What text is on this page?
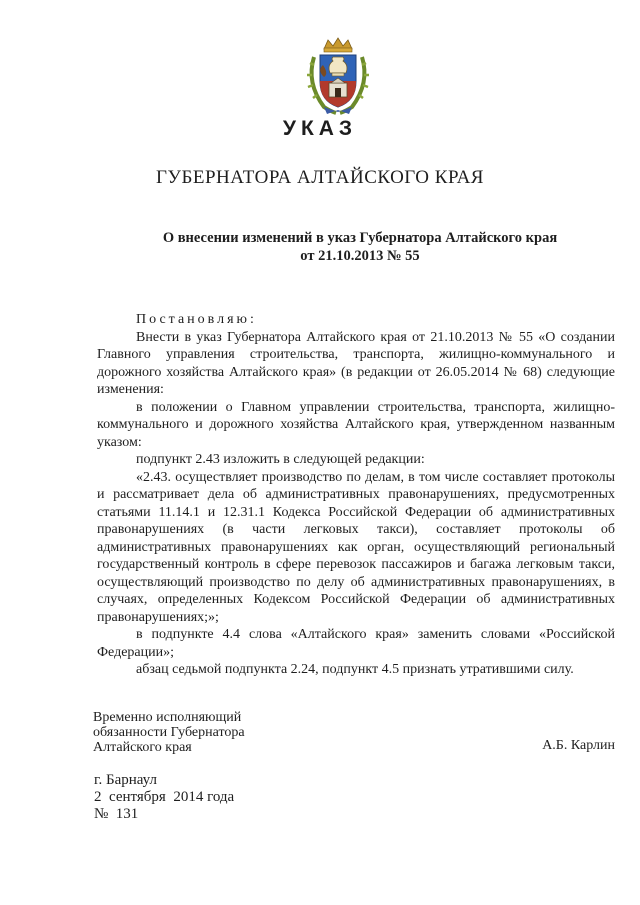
УКАЗ
ГУБЕРНАТОРА АЛТАЙСКОГО КРАЯ
О внесении изменений в указ Губернатора Алтайского края
от 21.10.2013 № 55

Постановляю:

Внести в указ Губернатора Алтайского края от 21.10.2013 № 55 «О создании Главного управления строительства, транспорта, жилищно-коммунального и дорожного хозяйства Алтайского края» (в редакции от 26.05.2014 № 68) следующие изменения:

в положении о Главном управлении строительства, транспорта, жилищно-коммунального и дорожного хозяйства Алтайского края, утвержденном названным указом:

подпункт 2.43 изложить в следующей редакции:

«2.43. осуществляет производство по делам, в том числе составляет протоколы и рассматривает дела об административных правонарушениях, предусмотренных статьями 11.14.1 и 12.31.1 Кодекса Российской Федерации об административных правонарушениях (в части легковых такси), составляет протоколы об административных правонарушениях как орган, осуществляющий региональный государственный контроль в сфере перевозок пассажиров и багажа легковым такси, осуществляющий производство по делу об административных правонарушениях, в случаях, определенных Кодексом Российской Федерации об административных правонарушениях;»;

в подпункте 4.4 слова «Алтайского края» заменить словами «Российской Федерации»;

абзац седьмой подпункта 2.24, подпункт 4.5 признать утратившими силу.

Временно исполняющий
обязанности Губернатора
Алтайского края	А.Б. Карлин
г. Барнаул
2  сентября  2014 года
№  131
